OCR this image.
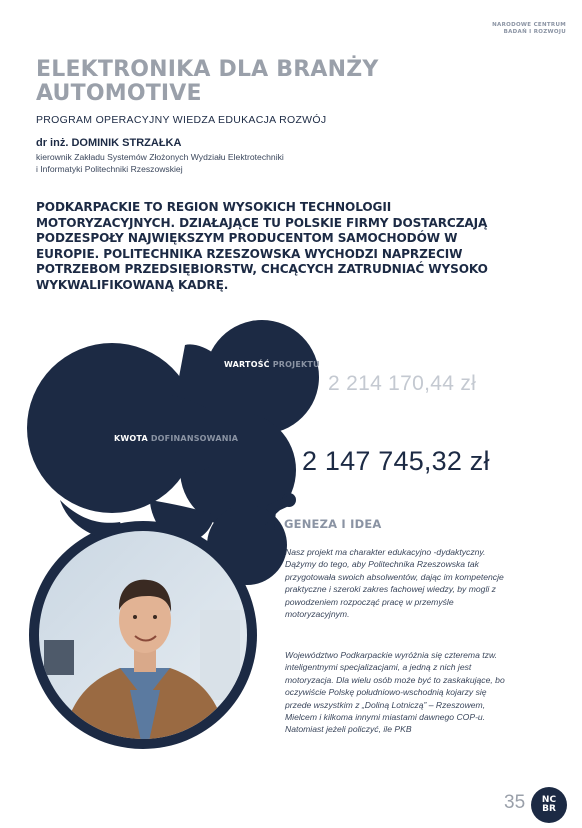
NARODOWE CENTRUM
BADAŃ I ROZWOJU
ELEKTRONIKA DLA BRANŻY
AUTOMOTIVE
PROGRAM OPERACYJNY WIEDZA EDUKACJA ROZWÓJ
dr inż. DOMINIK STRZAŁKA
kierownik Zakładu Systemów Złożonych Wydziału Elektrotechniki
i Informatyki Politechniki Rzeszowskiej
PODKARPACKIE TO REGION WYSOKICH TECHNOLOGII MOTORYZACYJNYCH. DZIAŁAJĄCE TU POLSKIE FIRMY DOSTARCZAJĄ PODZESPOŁY NAJWIĘKSZYM PRODUCENTOM SAMOCHODÓW W EUROPIE. POLITECHNIKA RZESZOWSKA WYCHODZI NAPRZECIW POTRZEBOM PRZEDSIĘBIORSTW, CHCĄCYCH ZATRUDNIAĆ WYSOKO WYKWALIFIKOWANĄ KADRĘ.
WARTOŚĆ PROJEKTU
2 214 170,44 zł
KWOTA DOFINANSOWANIA
2 147 745,32 zł
GENEZA I IDEA
Nasz projekt ma charakter edukacyjno -dydaktyczny. Dążymy do tego, aby Politechnika Rzeszowska tak przygotowała swoich absolwentów, dając im kompetencje praktyczne i szeroki zakres fachowej wiedzy, by mogli z powodzeniem rozpocząć pracę w przemyśle motoryzacyjnym.
Województwo Podkarpackie wyróżnia się czterema tzw. inteligentnymi specjalizacjami, a jedną z nich jest motoryzacja. Dla wielu osób może być to zaskakujące, bo oczywiście Polskę południowo-wschodnią kojarzy się przede wszystkim z „Doliną Lotniczą” – Rzeszowem, Mielcem i kilkoma innymi miastami dawnego COP-u. Natomiast jeżeli policzyć, ile PKB
35	NC
BR
